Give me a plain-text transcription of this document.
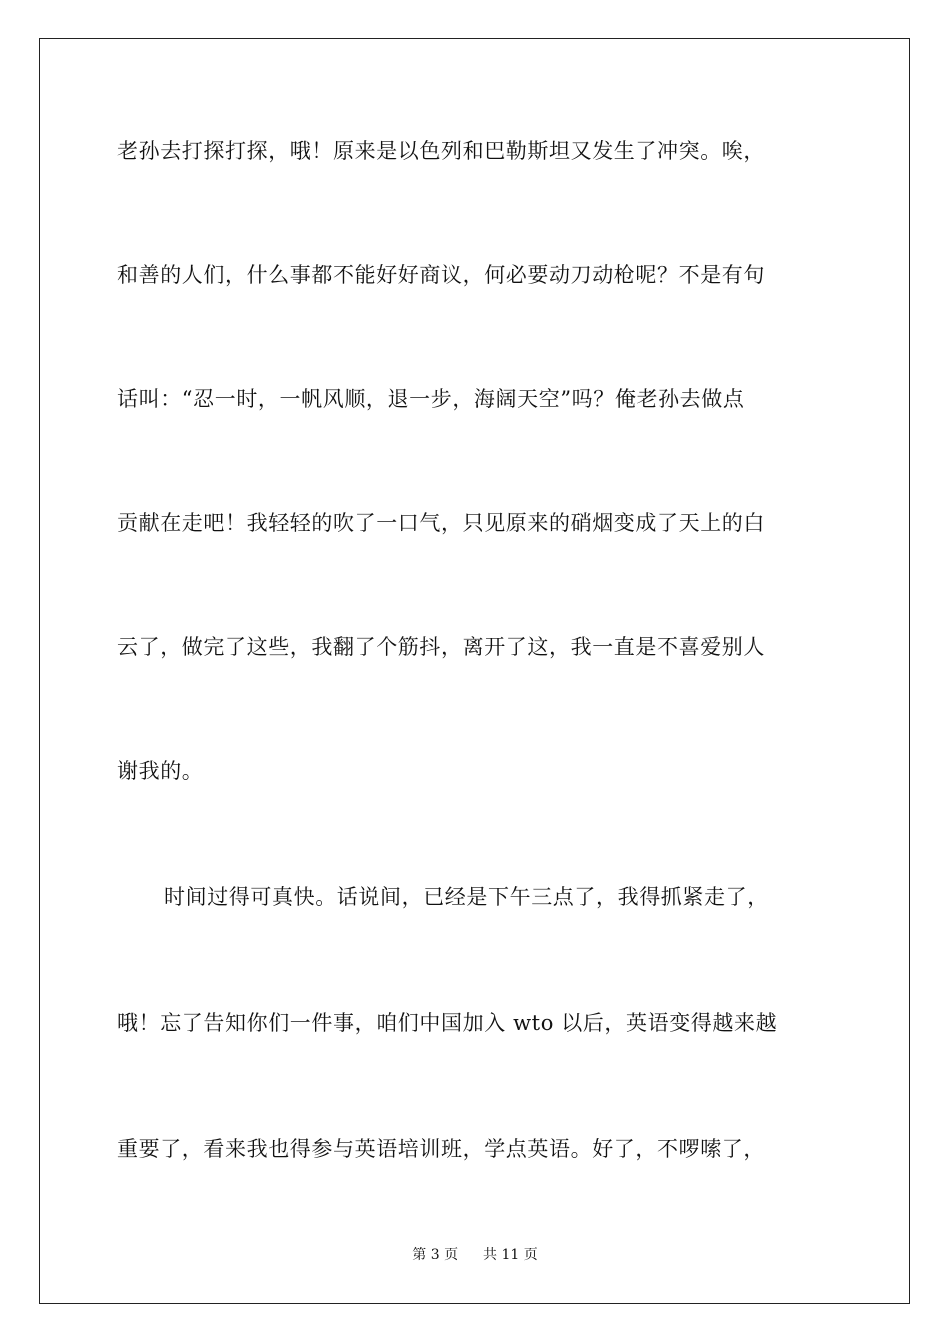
老孙去打探打探，哦！原来是以色列和巴勒斯坦又发生了冲突。唉，
和善的人们，什么事都不能好好商议，何必要动刀动枪呢？不是有句
话叫：“忍一时，一帆风顺，退一步，海阔天空”吗？俺老孙去做点
贡献在走吧！我轻轻的吹了一口气，只见原来的硝烟变成了天上的白
云了，做完了这些，我翻了个筋抖，离开了这，我一直是不喜爱别人
谢我的。
时间过得可真快。话说间，已经是下午三点了，我得抓紧走了，
哦！忘了告知你们一件事，咱们中国加入 wto 以后，英语变得越来越
重要了，看来我也得参与英语培训班，学点英语。好了，不啰嗦了，
第 3 页 共 11 页
